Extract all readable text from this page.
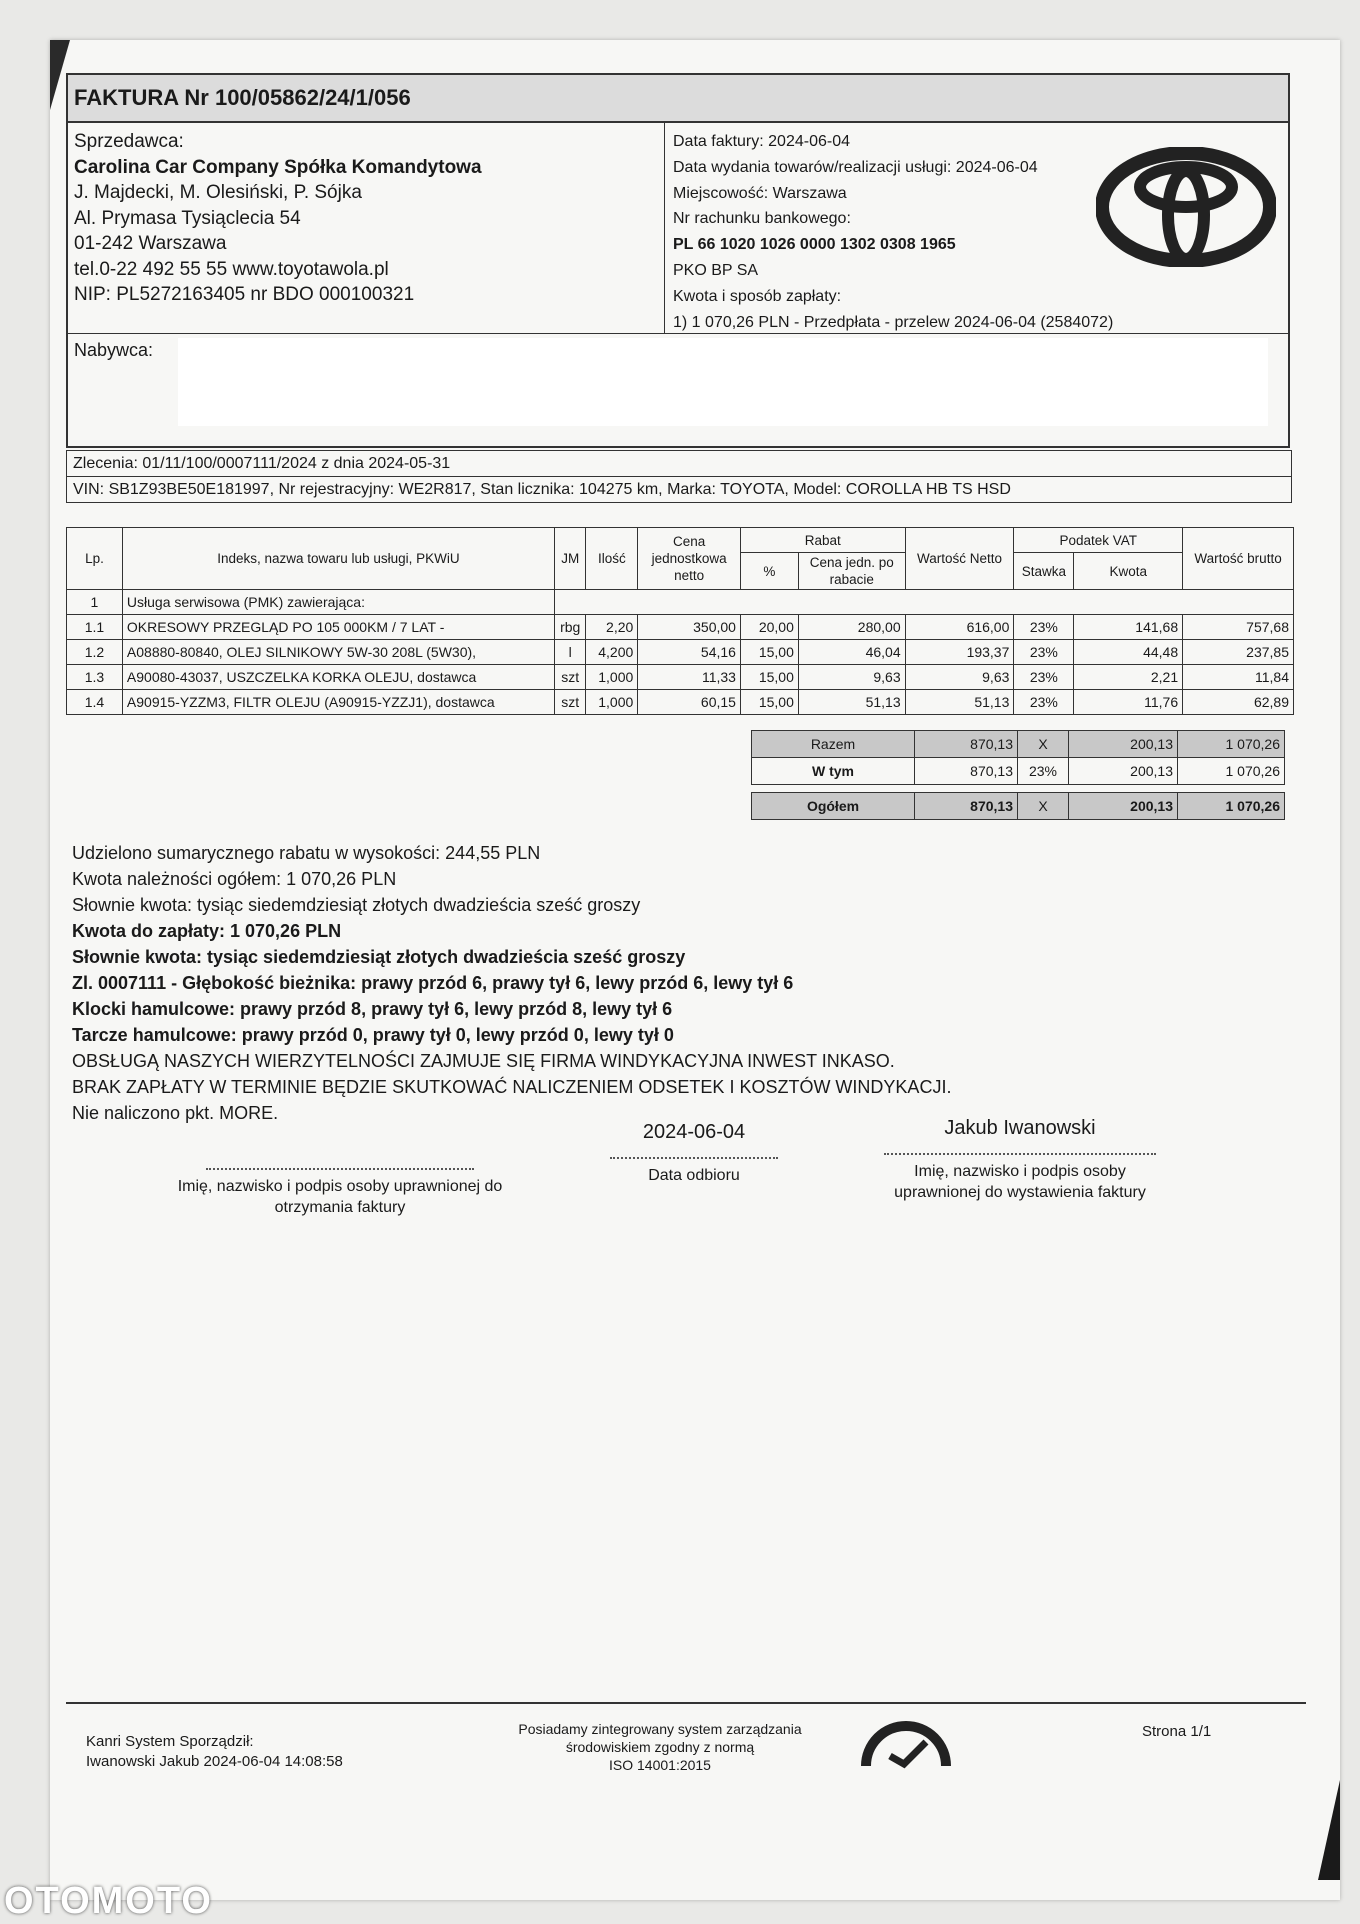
FAKTURA Nr 100/05862/24/1/056
Sprzedawca:
Carolina Car Company Spółka Komandytowa
J. Majdecki, M. Olesiński, P. Sójka
Al. Prymasa Tysiąclecia 54
01-242 Warszawa
tel.0-22 492 55 55 www.toyotawola.pl
NIP: PL5272163405 nr BDO 000100321
Data faktury: 2024-06-04
Data wydania towarów/realizacji usługi: 2024-06-04
Miejscowość: Warszawa
Nr rachunku bankowego:
PL 66 1020 1026 0000 1302 0308 1965
PKO BP SA
Kwota i sposób zapłaty:
1) 1 070,26 PLN - Przedpłata - przelew 2024-06-04 (2584072)
Nabywca:
Zlecenia: 01/11/100/0007111/2024 z dnia 2024-05-31
VIN: SB1Z93BE50E181997, Nr rejestracyjny: WE2R817, Stan licznika: 104275 km, Marka: TOYOTA, Model: COROLLA HB TS HSD
Lp.	Indeks, nazwa towaru lub usługi, PKWiU	JM	Ilość	Cena jednostkowa netto	Rabat		Wartość Netto	Podatek VAT		Wartość brutto
					%	Cena jedn. po rabacie		Stawka	Kwota	
1	Usługa serwisowa (PMK) zawierająca:									
1.1	OKRESOWY PRZEGLĄD PO 105 000KM / 7 LAT -	rbg	2,20	350,00	20,00	280,00	616,00	23%	141,68	757,68
1.2	A08880-80840, OLEJ SILNIKOWY 5W-30 208L (5W30),	l	4,200	54,16	15,00	46,04	193,37	23%	44,48	237,85
1.3	A90080-43037, USZCZELKA KORKA OLEJU, dostawca	szt	1,000	11,33	15,00	9,63	9,63	23%	2,21	11,84
1.4	A90915-YZZM3, FILTR OLEJU (A90915-YZZJ1), dostawca	szt	1,000	60,15	15,00	51,13	51,13	23%	11,76	62,89
Razem	870,13	X	200,13	1 070,26
W tym	870,13	23%	200,13	1 070,26

Ogółem	870,13	X	200,13	1 070,26
Udzielono sumarycznego rabatu w wysokości: 244,55 PLN
Kwota należności ogółem: 1 070,26 PLN
Słownie kwota: tysiąc siedemdziesiąt złotych dwadzieścia sześć groszy
Kwota do zapłaty: 1 070,26 PLN
Słownie kwota: tysiąc siedemdziesiąt złotych dwadzieścia sześć groszy
Zl. 0007111 - Głębokość bieżnika: prawy przód 6, prawy tył 6, lewy przód 6, lewy tył 6
Klocki hamulcowe: prawy przód 8, prawy tył 6, lewy przód 8, lewy tył 6
Tarcze hamulcowe: prawy przód 0, prawy tył 0, lewy przód 0, lewy tył 0
OBSŁUGĄ NASZYCH WIERZYTELNOŚCI ZAJMUJE SIĘ FIRMA WINDYKACYJNA INWEST INKASO.
BRAK ZAPŁATY W TERMINIE BĘDZIE SKUTKOWAĆ NALICZENIEM ODSETEK I KOSZTÓW WINDYKACJI.
Nie naliczono pkt. MORE.
Imię, nazwisko i podpis osoby uprawnionej do otrzymania faktury
2024-06-04
Data odbioru
Jakub Iwanowski
Imię, nazwisko i podpis osoby uprawnionej do wystawienia faktury
Kanri System Sporządził:
Iwanowski Jakub 2024-06-04 14:08:58
Posiadamy zintegrowany system zarządzania
środowiskiem zgodny z normą
ISO 14001:2015
Strona 1/1
OTOMOTO
